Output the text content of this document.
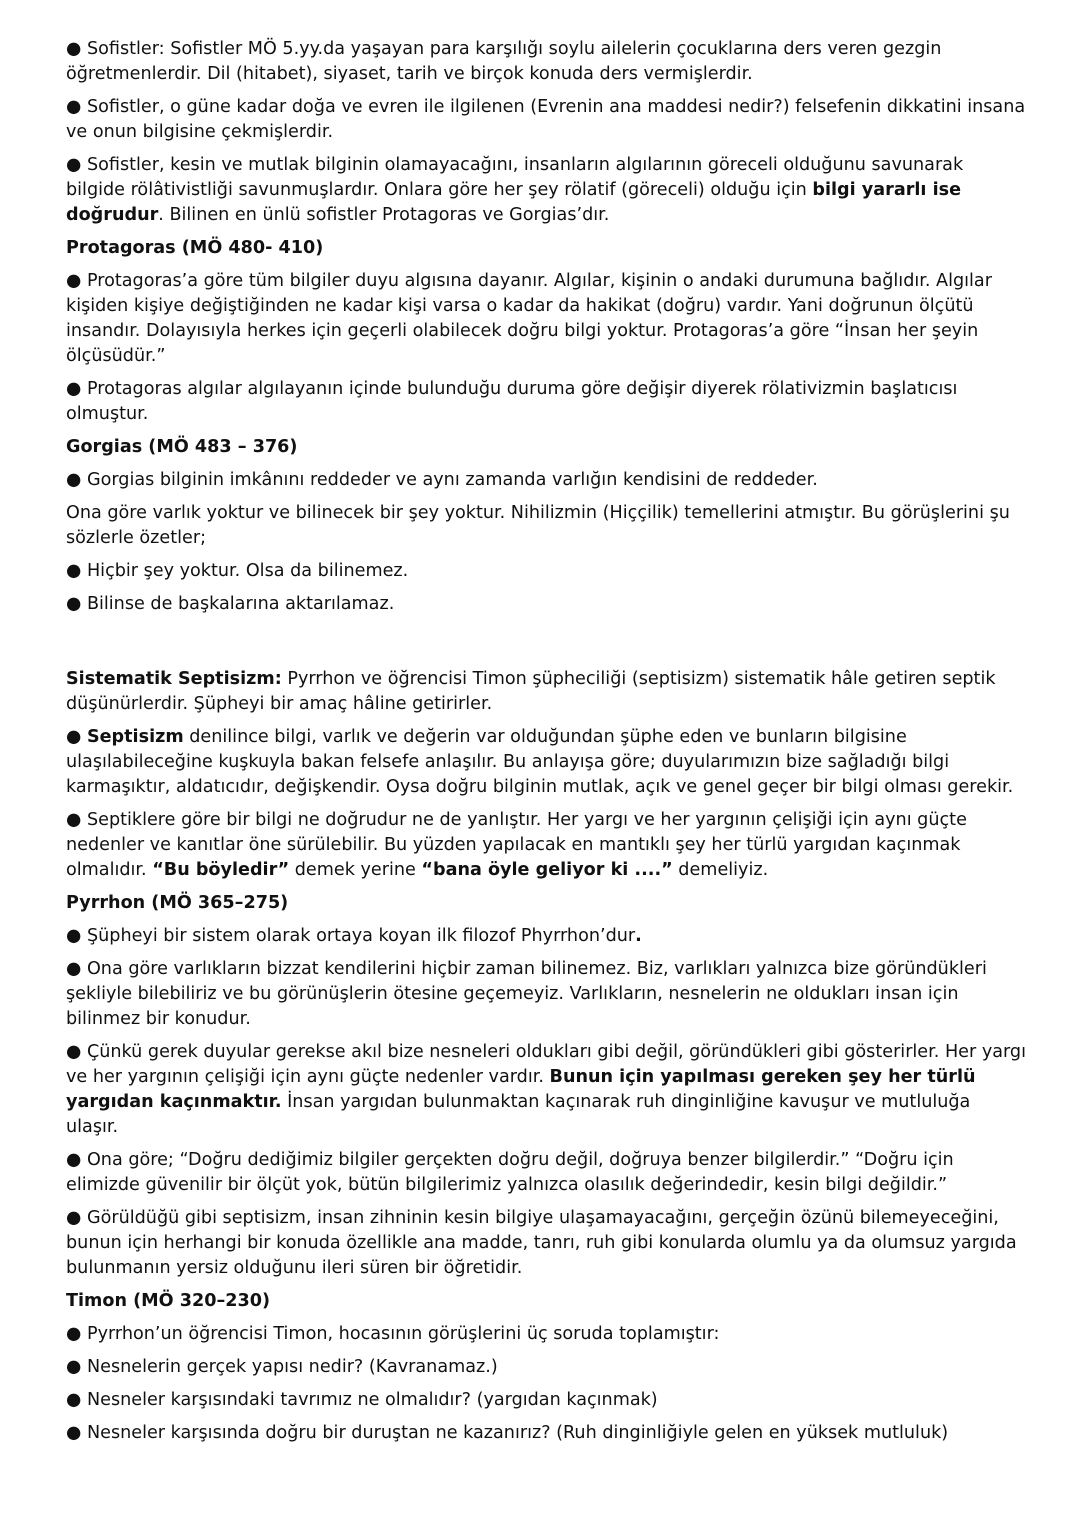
● Sofistler: Sofistler MÖ 5.yy.da yaşayan para karşılığı soylu ailelerin çocuklarına ders veren gezgin öğretmenlerdir. Dil (hitabet), siyaset, tarih ve birçok konuda ders vermişlerdir.

● Sofistler, o güne kadar doğa ve evren ile ilgilenen (Evrenin ana maddesi nedir?) felsefenin dikkatini insana ve onun bilgisine çekmişlerdir.

● Sofistler, kesin ve mutlak bilginin olamayacağını, insanların algılarının göreceli olduğunu savunarak bilgide rölâtivistliği savunmuşlardır. Onlara göre her şey rölatif (göreceli) olduğu için bilgi yararlı ise doğrudur. Bilinen en ünlü sofistler Protagoras ve Gorgias’dır.

Protagoras (MÖ 480- 410)

● Protagoras’a göre tüm bilgiler duyu algısına dayanır. Algılar, kişinin o andaki durumuna bağlıdır. Algılar kişiden kişiye değiştiğinden ne kadar kişi varsa o kadar da hakikat (doğru) vardır. Yani doğrunun ölçütü insandır. Dolayısıyla herkes için geçerli olabilecek doğru bilgi yoktur. Protagoras’a göre “İnsan her şeyin ölçüsüdür.”

● Protagoras algılar algılayanın içinde bulunduğu duruma göre değişir diyerek rölativizmin başlatıcısı olmuştur.

Gorgias (MÖ 483 – 376)

● Gorgias bilginin imkânını reddeder ve aynı zamanda varlığın kendisini de reddeder.

Ona göre varlık yoktur ve bilinecek bir şey yoktur. Nihilizmin (Hiççilik) temellerini atmıştır. Bu görüşlerini şu sözlerle özetler;

● Hiçbir şey yoktur. Olsa da bilinemez.

● Bilinse de başkalarına aktarılamaz.

Sistematik Septisizm: Pyrrhon ve öğrencisi Timon şüpheciliği (septisizm) sistematik hâle getiren septik düşünürlerdir. Şüpheyi bir amaç hâline getirirler.

● Septisizm denilince bilgi, varlık ve değerin var olduğundan şüphe eden ve bunların bilgisine ulaşılabileceğine kuşkuyla bakan felsefe anlaşılır. Bu anlayışa göre; duyularımızın bize sağladığı bilgi karmaşıktır, aldatıcıdır, değişkendir. Oysa doğru bilginin mutlak, açık ve genel geçer bir bilgi olması gerekir.

● Septiklere göre bir bilgi ne doğrudur ne de yanlıştır. Her yargı ve her yargının çelişiği için aynı güçte nedenler ve kanıtlar öne sürülebilir. Bu yüzden yapılacak en mantıklı şey her türlü yargıdan kaçınmak olmalıdır. “Bu böyledir” demek yerine “bana öyle geliyor ki ....” demeliyiz.

Pyrrhon (MÖ 365–275)

● Şüpheyi bir sistem olarak ortaya koyan ilk filozof Phyrrhon’dur.

● Ona göre varlıkların bizzat kendilerini hiçbir zaman bilinemez. Biz, varlıkları yalnızca bize göründükleri şekliyle bilebiliriz ve bu görünüşlerin ötesine geçemeyiz. Varlıkların, nesnelerin ne oldukları insan için bilinmez bir konudur.

● Çünkü gerek duyular gerekse akıl bize nesneleri oldukları gibi değil, göründükleri gibi gösterirler. Her yargı ve her yargının çelişiği için aynı güçte nedenler vardır. Bunun için yapılması gereken şey her türlü yargıdan kaçınmaktır. İnsan yargıdan bulunmaktan kaçınarak ruh dinginliğine kavuşur ve mutluluğa ulaşır.

● Ona göre; “Doğru dediğimiz bilgiler gerçekten doğru değil, doğruya benzer bilgilerdir.” “Doğru için elimizde güvenilir bir ölçüt yok, bütün bilgilerimiz yalnızca olasılık değerindedir, kesin bilgi değildir.”

● Görüldüğü gibi septisizm, insan zihninin kesin bilgiye ulaşamayacağını, gerçeğin özünü bilemeyeceğini, bunun için herhangi bir konuda özellikle ana madde, tanrı, ruh gibi konularda olumlu ya da olumsuz yargıda bulunmanın yersiz olduğunu ileri süren bir öğretidir.

Timon (MÖ 320–230)

● Pyrrhon’un öğrencisi Timon, hocasının görüşlerini üç soruda toplamıştır:

● Nesnelerin gerçek yapısı nedir? (Kavranamaz.)

● Nesneler karşısındaki tavrımız ne olmalıdır? (yargıdan kaçınmak)

● Nesneler karşısında doğru bir duruştan ne kazanırız? (Ruh dinginliğiyle gelen en yüksek mutluluk)
